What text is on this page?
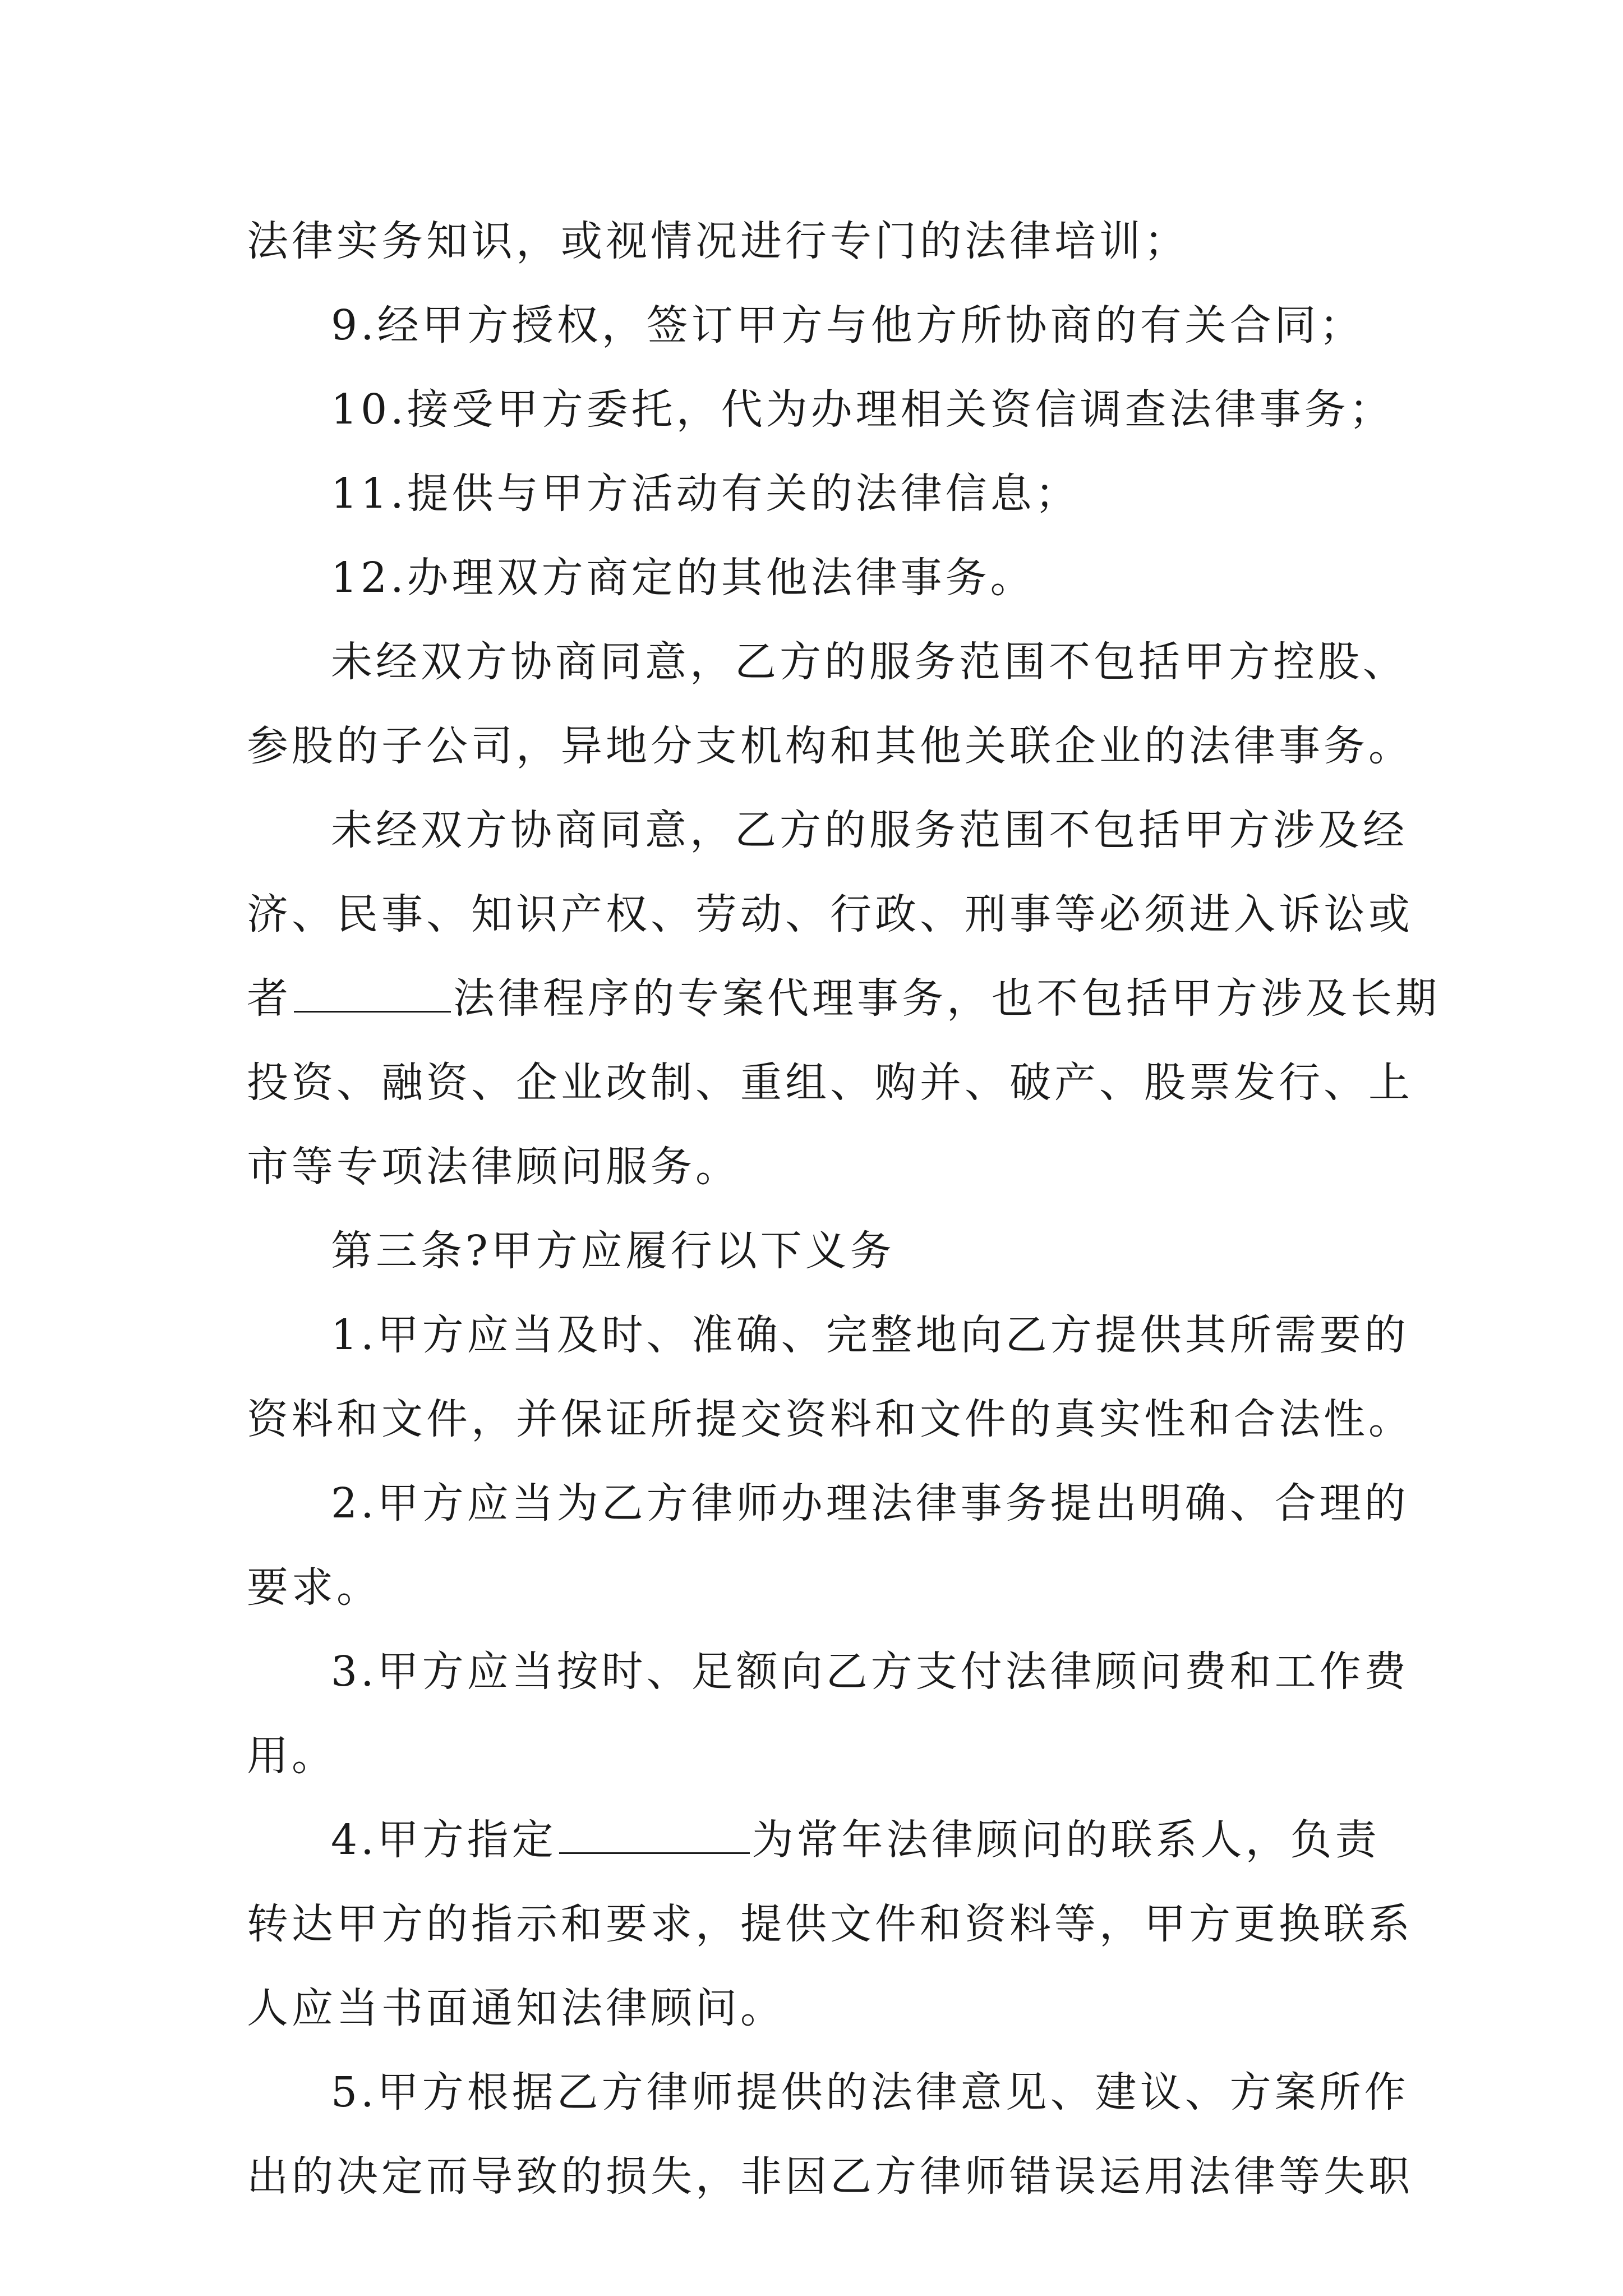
法律实务知识，或视情况进行专门的法律培训；
9.经甲方授权，签订甲方与他方所协商的有关合同；
10.接受甲方委托，代为办理相关资信调查法律事务；
11.提供与甲方活动有关的法律信息；
12.办理双方商定的其他法律事务。
未经双方协商同意，乙方的服务范围不包括甲方控股、
参股的子公司，异地分支机构和其他关联企业的法律事务。
未经双方协商同意，乙方的服务范围不包括甲方涉及经
济、民事、知识产权、劳动、行政、刑事等必须进入诉讼或
者	法律程序的专案代理事务，也不包括甲方涉及长期
投资、融资、企业改制、重组、购并、破产、股票发行、上
市等专项法律顾问服务。
第三条?甲方应履行以下义务
1.甲方应当及时、准确、完整地向乙方提供其所需要的
资料和文件，并保证所提交资料和文件的真实性和合法性。
2.甲方应当为乙方律师办理法律事务提出明确、合理的
要求。
3.甲方应当按时、足额向乙方支付法律顾问费和工作费
用。
4.甲方指定	为常年法律顾问的联系人，负责
转达甲方的指示和要求，提供文件和资料等，甲方更换联系
人应当书面通知法律顾问。
5.甲方根据乙方律师提供的法律意见、建议、方案所作
出的决定而导致的损失，非因乙方律师错误运用法律等失职
